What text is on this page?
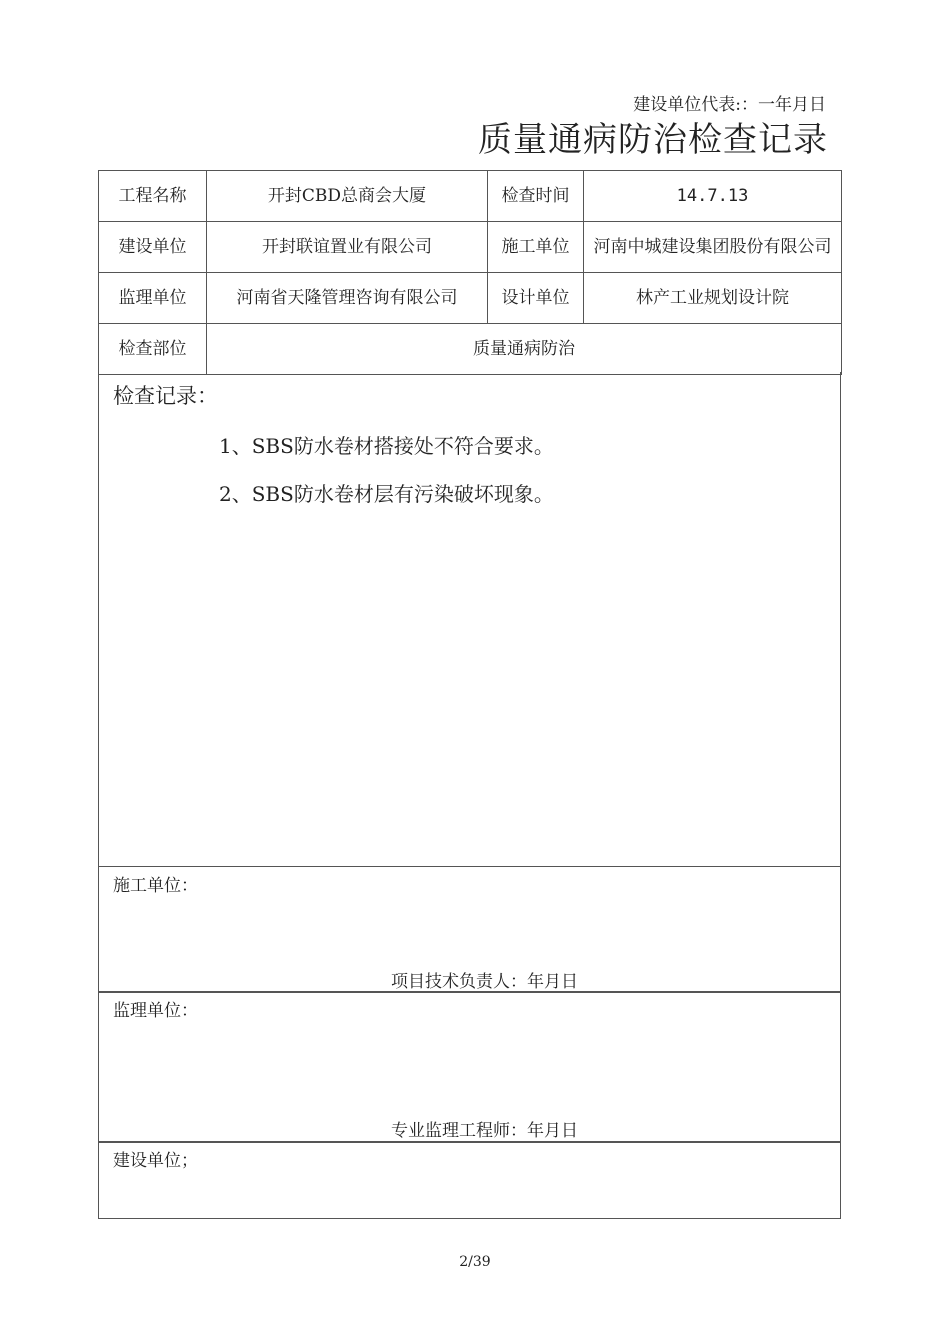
建设单位代表:：一年月日
质量通病防治检查记录
工程名称	开封CBD总商会大厦	检查时间	14.7.13
建设单位	开封联谊置业有限公司	施工单位	河南中城建设集团股份有限公司
监理单位	河南省天隆管理咨询有限公司	设计单位	林产工业规划设计院
检查部位	质量通病防治		
检查记录：
1、SBS防水卷材搭接处不符合要求。
2、SBS防水卷材层有污染破坏现象。
施工单位：
项目技术负责人：年月日
监理单位：
专业监理工程师：年月日
建设单位；
2/39
